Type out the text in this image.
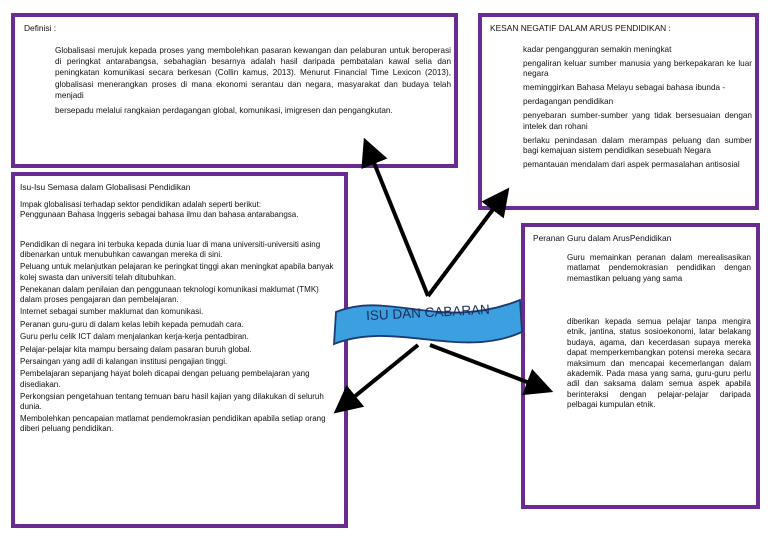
Definisi :

Globalisasi merujuk kepada proses yang membolehkan pasaran kewangan dan pelaburan untuk beroperasi di peringkat antarabangsa, sebahagian besarnya adalah hasil daripada pembatalan kawal selia dan peningkatan komunikasi secara berkesan (Collin kamus, 2013). Menurut Financial Time Lexicon (2013), globalisasi menerangkan proses di mana ekonomi serantau dan negara, masyarakat dan budaya telah menjadi

bersepadu melalui rangkaian perdagangan global, komunikasi, imigresen dan pengangkutan.

KESAN NEGATIF DALAM ARUS PENDIDIKAN :

kadar pengangguran semakin meningkat

pengaliran keluar sumber manusia yang berkepakaran ke luar negara

meminggirkan Bahasa Melayu sebagai bahasa ibunda -

perdagangan pendidikan

penyebaran sumber-sumber yang tidak bersesuaian dengan intelek dan rohani

berlaku penindasan dalam merampas peluang dan sumber bagi kemajuan sistem pendidikan sesebuah Negara

pemantauan mendalam dari aspek permasalahan antisosial

Isu-Isu Semasa dalam Globalisasi Pendidikan

Impak globalisasi terhadap sektor pendidikan adalah seperti berikut:

Penggunaan Bahasa Inggeris sebagai bahasa ilmu dan bahasa antarabangsa.

Pendidikan di negara ini terbuka kepada dunia luar di mana universiti-universiti asing dibenarkan untuk menubuhkan cawangan mereka di sini.

Peluang untuk melanjutkan pelajaran ke peringkat tinggi akan meningkat apabila banyak kolej swasta dan universiti telah ditubuhkan.

Penekanan dalam penilaian dan penggunaan teknologi komunikasi maklumat (TMK) dalam proses pengajaran dan pembelajaran.

Internet sebagai sumber maklumat dan komunikasi.

Peranan guru-guru di dalam kelas lebih kepada pemudah cara.

Guru perlu celik ICT dalam menjalankan kerja-kerja pentadbiran.

Pelajar-pelajar kita mampu bersaing dalam pasaran buruh global.

Persaingan yang adil di kalangan institusi pengajian tinggi.

Pembelajaran sepanjang hayat boleh dicapai dengan peluang pembelajaran yang disediakan.

Perkongsian pengetahuan tentang temuan baru hasil kajian yang dilakukan di seluruh dunia.

Membolehkan pencapaian matlamat pendemokrasian pendidikan apabila setiap orang diberi peluang pendidikan.

Peranan Guru dalam ArusPendidikan

Guru memainkan peranan dalam merealisasikan matlamat pendemokrasian pendidikan dengan memastikan peluang yang sama

diberikan kepada semua pelajar tanpa mengira etnik, jantina, status sosioekonomi, latar belakang budaya, agama, dan kecerdasan supaya mereka dapat memperkembangkan potensi mereka secara maksimum dan mencapai kecemerlangan dalam akademik. Pada masa yang sama, guru-guru perlu adil dan saksama dalam semua aspek apabila berinteraksi dengan pelajar-pelajar daripada pelbagai kumpulan etnik.

ISU DAN CABARAN
